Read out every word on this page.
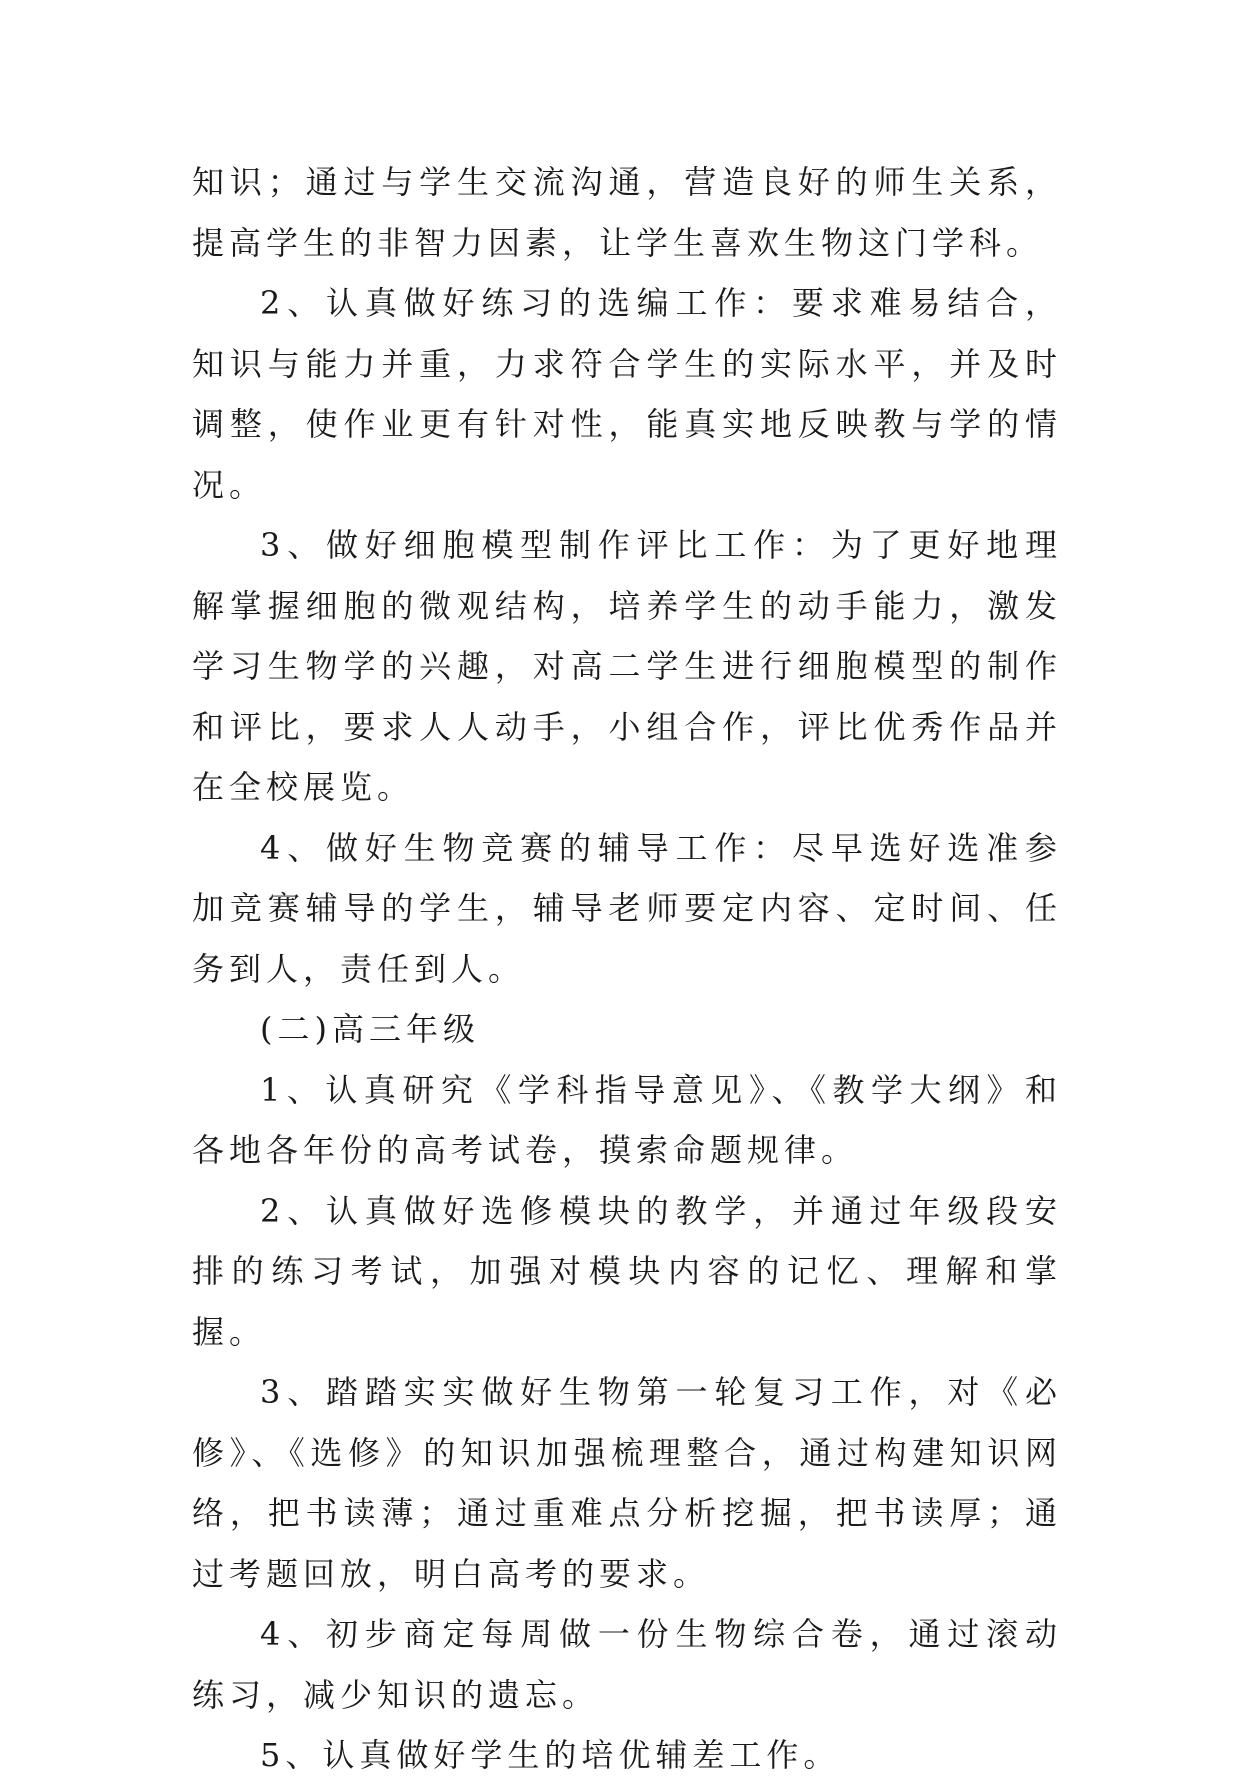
知识；通过与学生交流沟通，营造良好的师生关系，提高学生的非智力因素，让学生喜欢生物这门学科。

2、认真做好练习的选编工作：要求难易结合，知识与能力并重，力求符合学生的实际水平，并及时调整，使作业更有针对性，能真实地反映教与学的情况。

3、做好细胞模型制作评比工作：为了更好地理解掌握细胞的微观结构，培养学生的动手能力，激发学习生物学的兴趣，对高二学生进行细胞模型的制作和评比，要求人人动手，小组合作，评比优秀作品并在全校展览。

4、做好生物竞赛的辅导工作：尽早选好选准参加竞赛辅导的学生，辅导老师要定内容、定时间、任务到人，责任到人。

(二)高三年级

1、认真研究《学科指导意见》、《教学大纲》和各地各年份的高考试卷，摸索命题规律。

2、认真做好选修模块的教学，并通过年级段安排的练习考试，加强对模块内容的记忆、理解和掌握。

3、踏踏实实做好生物第一轮复习工作，对《必修》、《选修》的知识加强梳理整合，通过构建知识网络，把书读薄；通过重难点分析挖掘，把书读厚；通过考题回放，明白高考的要求。

4、初步商定每周做一份生物综合卷，通过滚动练习，减少知识的遗忘。

5、认真做好学生的培优辅差工作。
